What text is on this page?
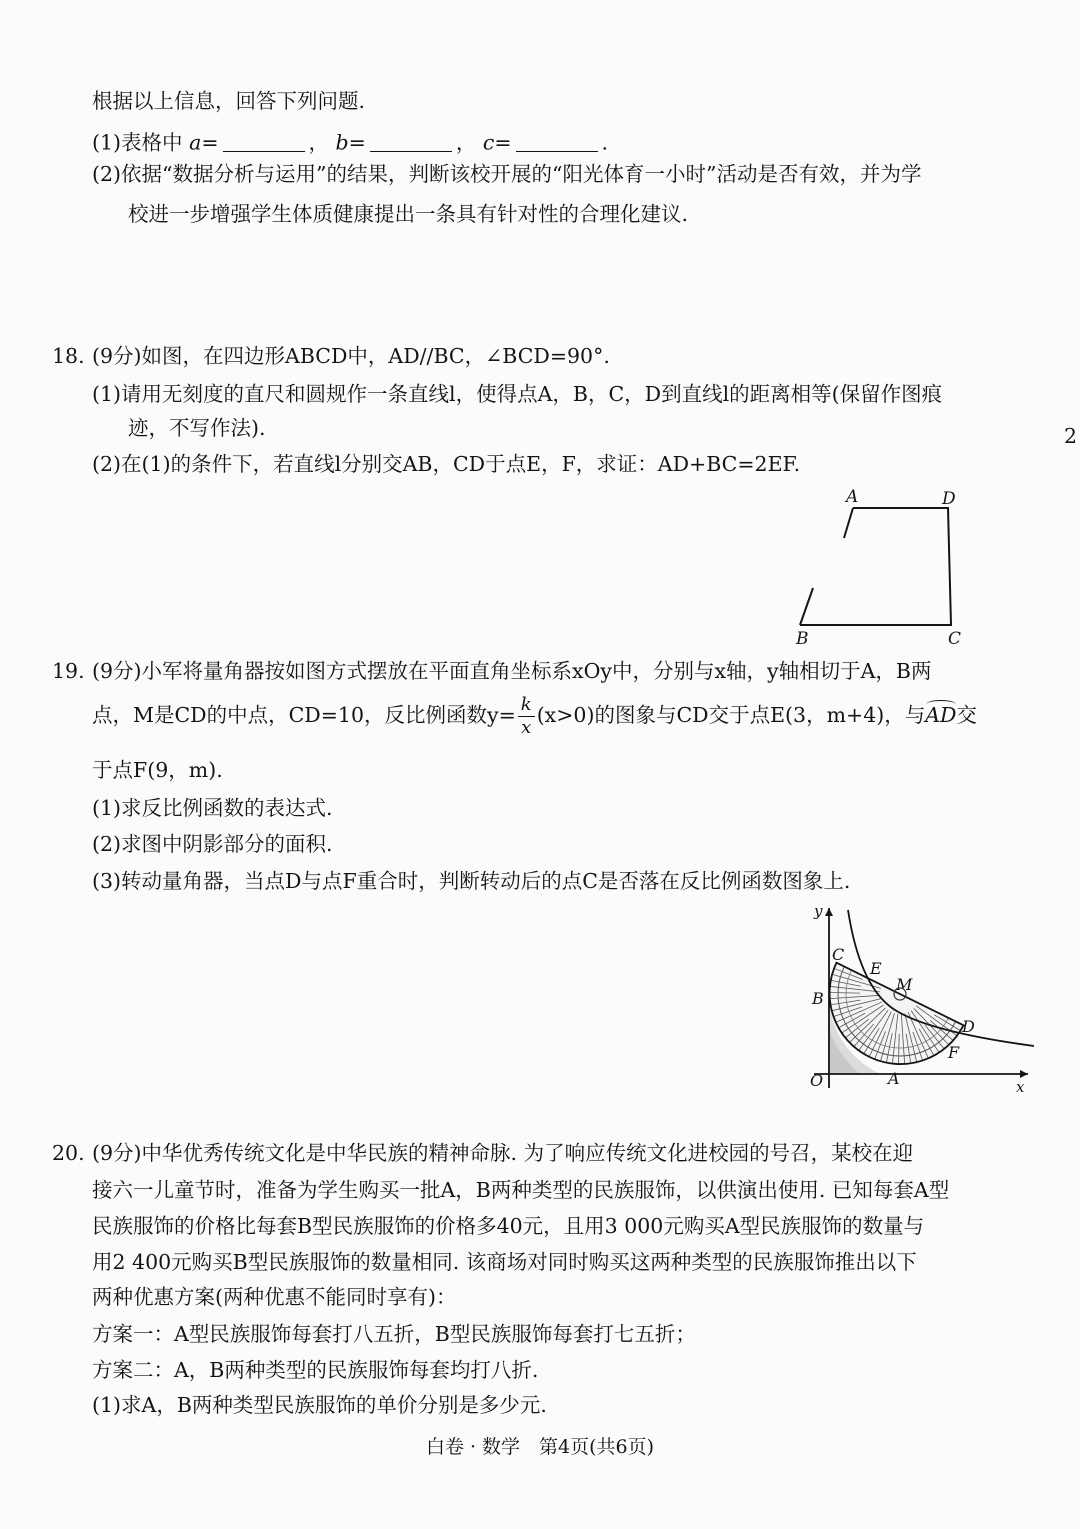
根据以上信息，回答下列问题.
(1)表格中 a=	， b=	， c=	.
(2)依据“数据分析与运用”的结果，判断该校开展的“阳光体育一小时”活动是否有效，并为学
校进一步增强学生体质健康提出一条具有针对性的合理化建议.
18. (9分)如图，在四边形ABCD中，AD//BC，∠BCD=90°.
(1)请用无刻度的直尺和圆规作一条直线l，使得点A，B，C，D到直线l的距离相等(保留作图痕
迹，不写作法).
(2)在(1)的条件下，若直线l分别交AB，CD于点E，F，求证：AD+BC=2EF.
2
A	D
B	C
19. (9分)小军将量角器按如图方式摆放在平面直角坐标系xOy中，分别与x轴，y轴相切于A，B两
点，M是CD的中点，CD=10，反比例函数$y= \frac{k}{x} (x>0)$的图象与CD交于点E(3，m+4)，与AD交
于点F(9，m).
(1)求反比例函数的表达式.
(2)求图中阴影部分的面积.
(3)转动量角器，当点D与点F重合时，判断转动后的点C是否落在反比例函数图象上.
y
x
O	A
B
C
E
M
D
F
20. (9分)中华优秀传统文化是中华民族的精神命脉. 为了响应传统文化进校园的号召，某校在迎
接六一儿童节时，准备为学生购买一批A，B两种类型的民族服饰，以供演出使用. 已知每套A型
民族服饰的价格比每套B型民族服饰的价格多40元，且用3 000元购买A型民族服饰的数量与
用2 400元购买B型民族服饰的数量相同. 该商场对同时购买这两种类型的民族服饰推出以下
两种优惠方案(两种优惠不能同时享有)：
方案一：A型民族服饰每套打八五折，B型民族服饰每套打七五折；
方案二：A，B两种类型的民族服饰每套均打八折.
(1)求A，B两种类型民族服饰的单价分别是多少元.
白卷 · 数学　第4页(共6页)
